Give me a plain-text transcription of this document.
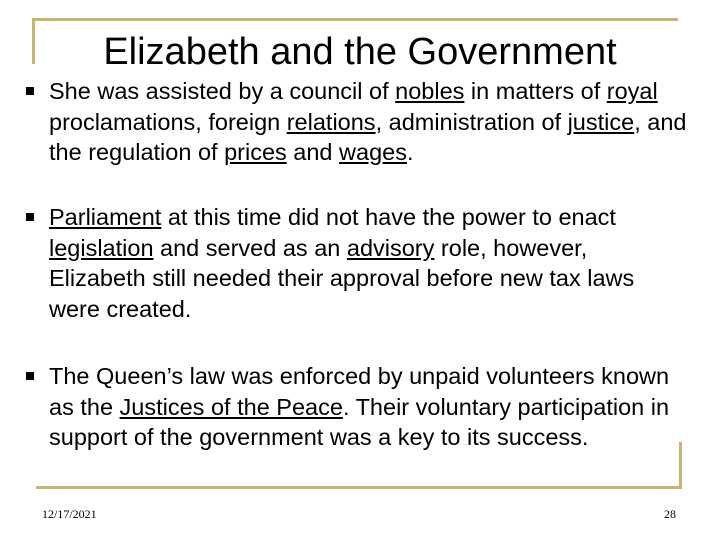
Elizabeth and the Government
She was assisted by a council of nobles in matters of royal proclamations, foreign relations, administration of justice, and the regulation of prices and wages.
Parliament at this time did not have the power to enact legislation and served as an advisory role, however, Elizabeth still needed their approval before new tax laws were created.
The Queen’s law was enforced by unpaid volunteers known as the Justices of the Peace. Their voluntary participation in support of the government was a key to its success.
12/17/2021	28
